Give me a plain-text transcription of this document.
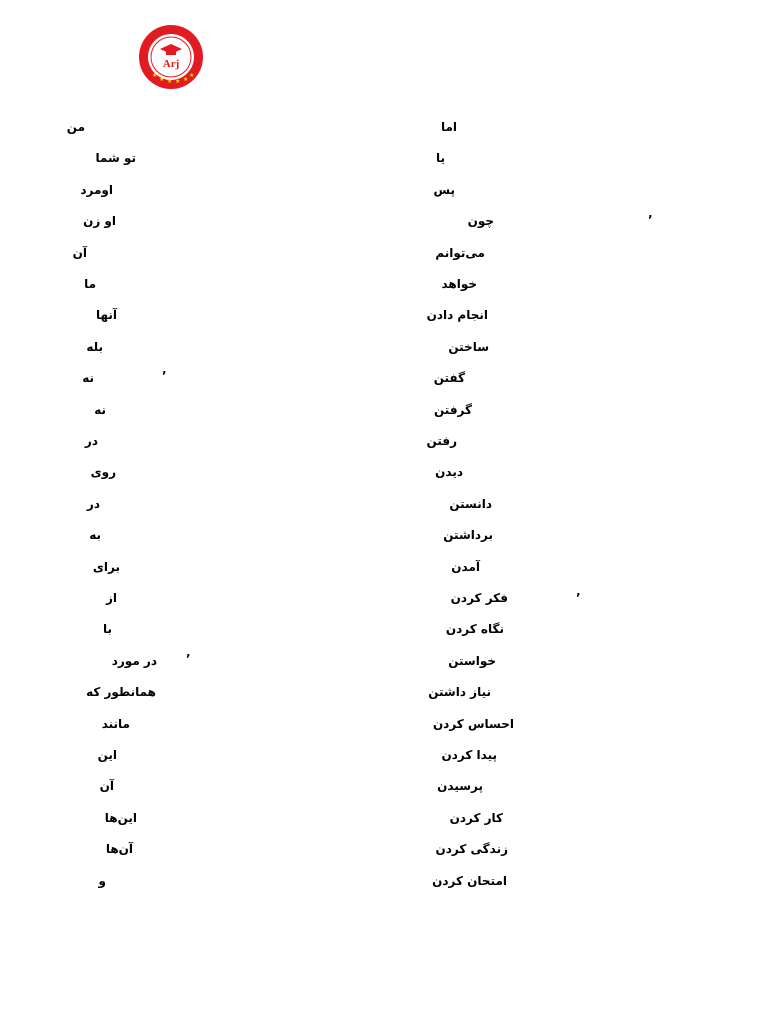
Arj
★
★ ★ ★ ★
★
من
تو شما
اومرد
او زن
آن
ما
آنها
بله
نه
نه
در
روی
در
به
برای
از
با
در مورد
همانطور که
مانند
این
آن
این‌ها
آن‌ها
و
اما
یا
پس
چون
می‌توانم
خواهد
انجام دادن
ساختن
گفتن
گرفتن
رفتن
دیدن
دانستن
برداشتن
آمدن
فکر کردن
نگاه کردن
خواستن
نیاز داشتن
احساس کردن
پیدا کردن
پرسیدن
کار کردن
زندگی کردن
امتحان کردن
’
’
’
’
